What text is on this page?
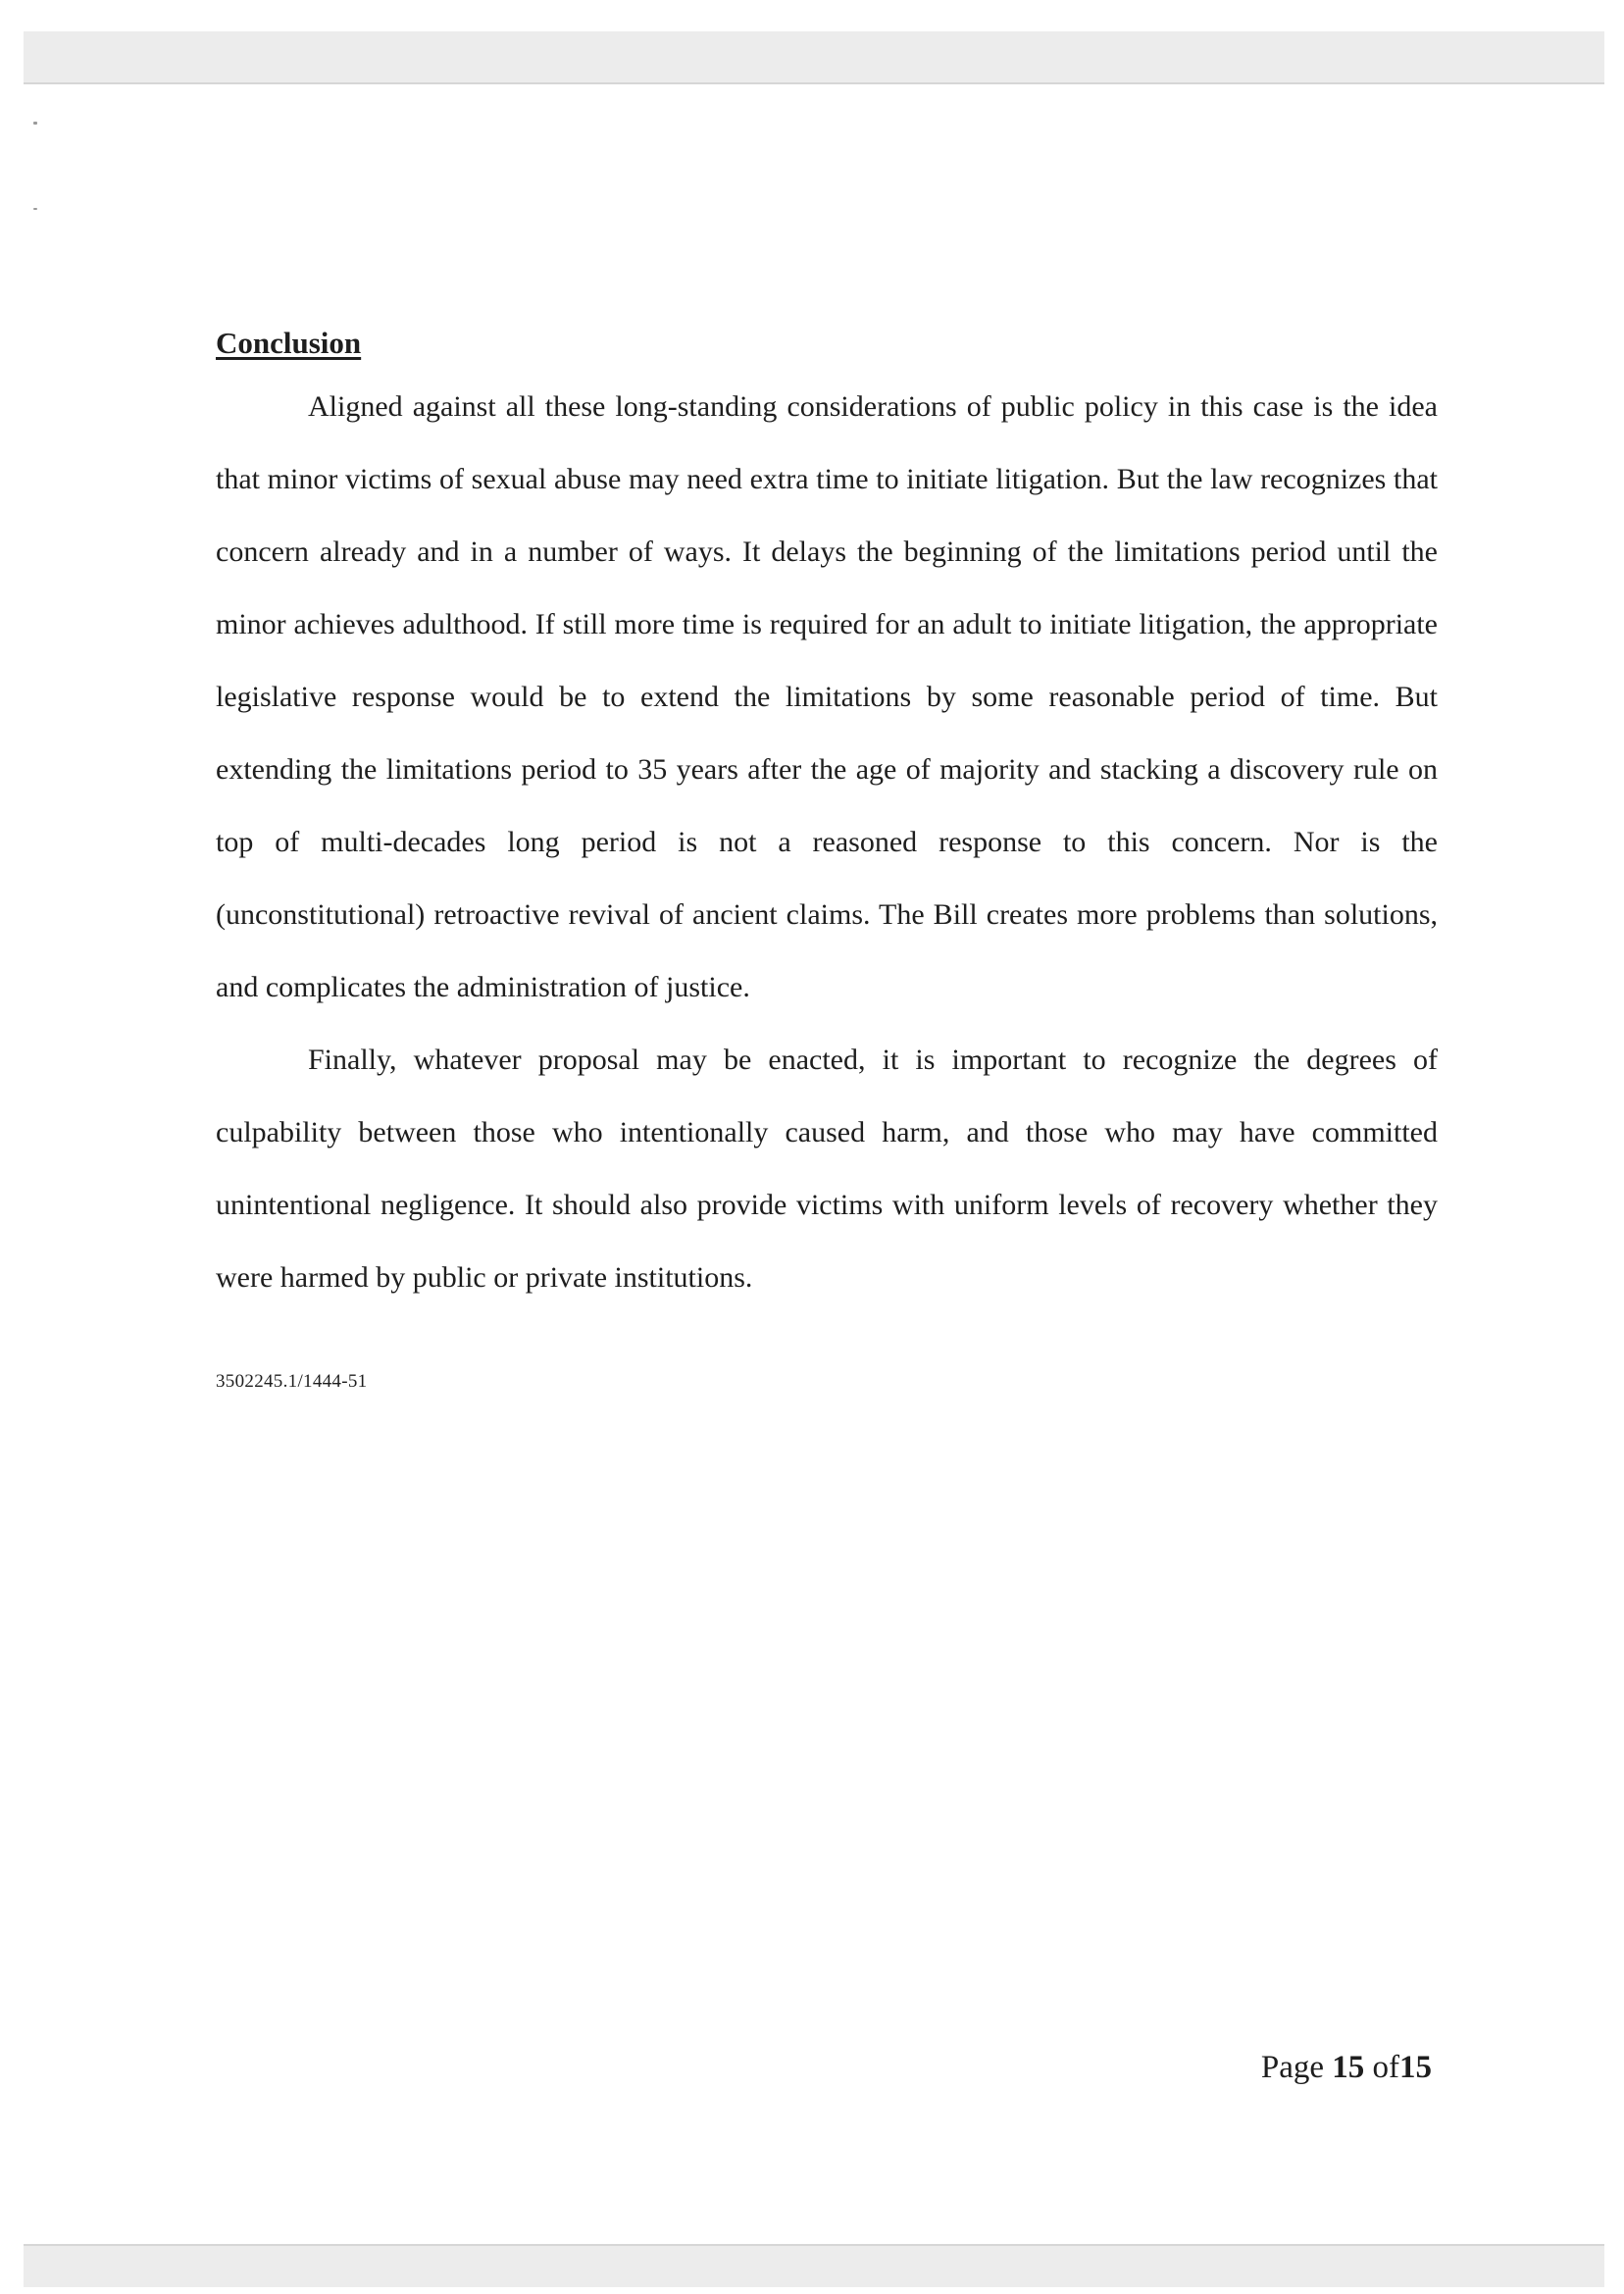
Conclusion

Aligned against all these long-standing considerations of public policy in this case is the idea that minor victims of sexual abuse may need extra time to initiate litigation. But the law recognizes that concern already and in a number of ways. It delays the beginning of the limitations period until the minor achieves adulthood. If still more time is required for an adult to initiate litigation, the appropriate legislative response would be to extend the limitations by some reasonable period of time. But extending the limitations period to 35 years after the age of majority and stacking a discovery rule on top of multi-decades long period is not a reasoned response to this concern. Nor is the (unconstitutional) retroactive revival of ancient claims. The Bill creates more problems than solutions, and complicates the administration of justice.

Finally, whatever proposal may be enacted, it is important to recognize the degrees of culpability between those who intentionally caused harm, and those who may have committed unintentional negligence. It should also provide victims with uniform levels of recovery whether they were harmed by public or private institutions.

3502245.1/1444-51
Page 15 of15
